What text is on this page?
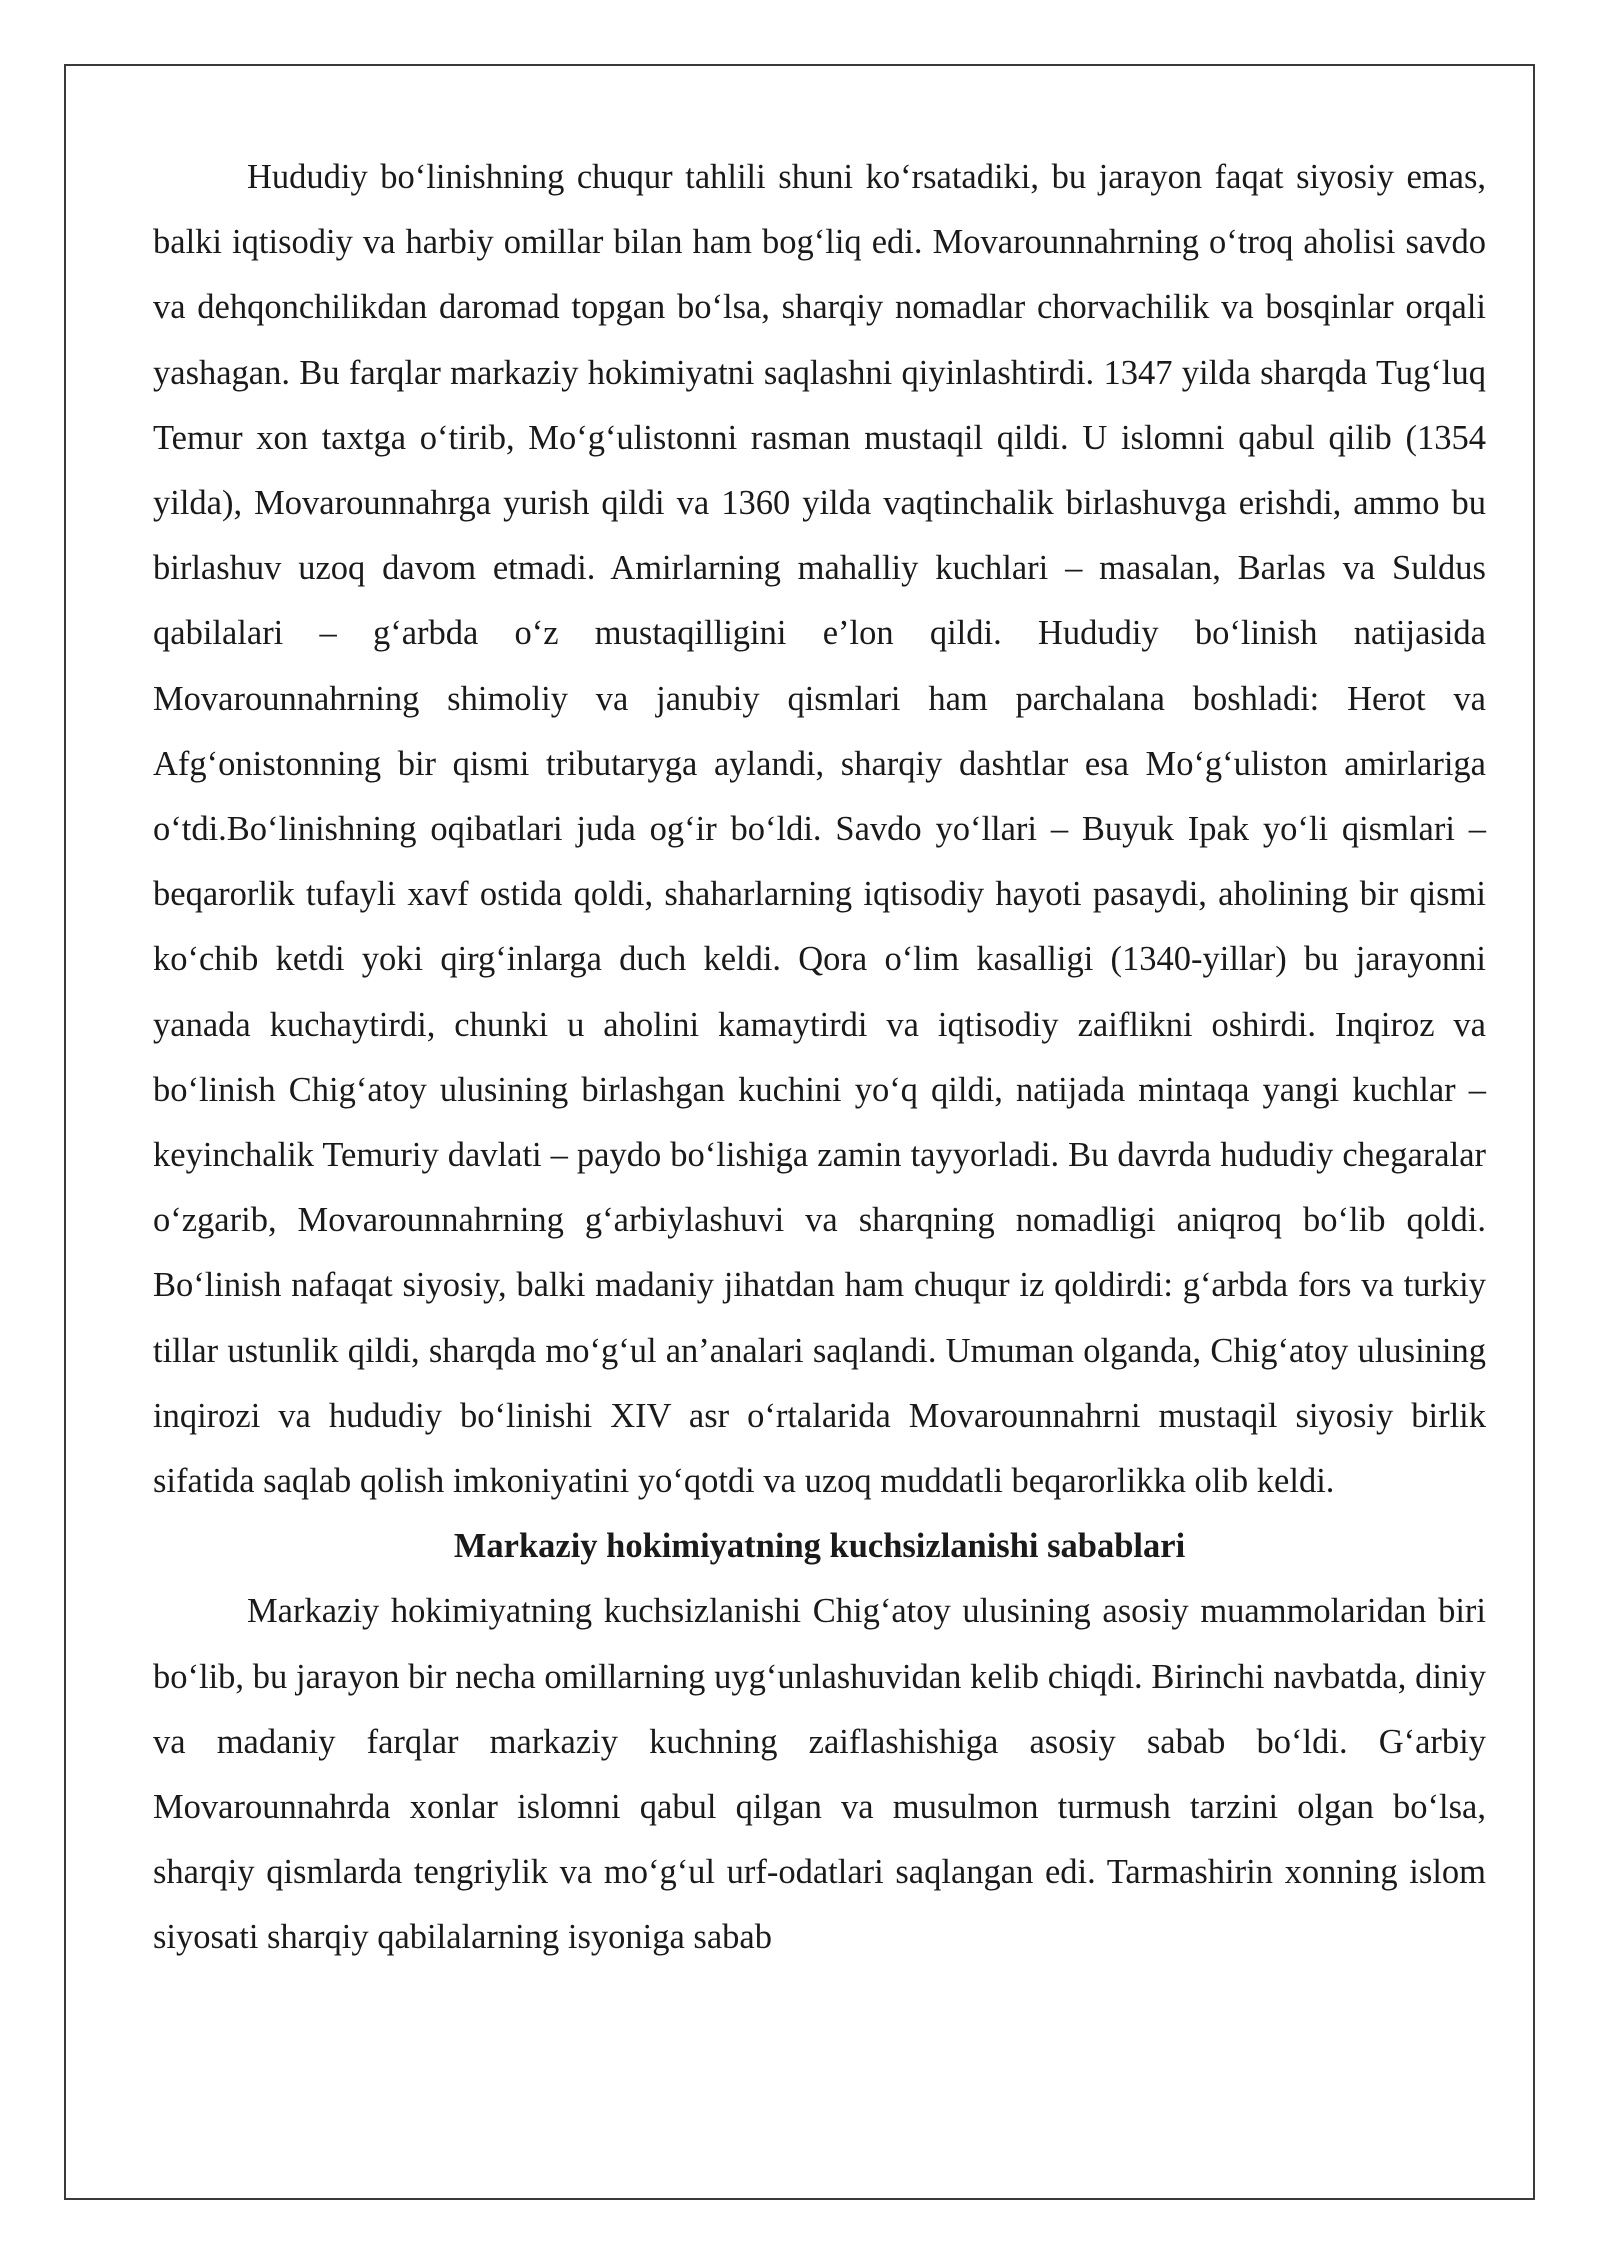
Hududiy bo‘linishning chuqur tahlili shuni ko‘rsatadiki, bu jarayon faqat siyosiy emas, balki iqtisodiy va harbiy omillar bilan ham bog‘liq edi. Movarounnahrning o‘troq aholisi savdo va dehqonchilikdan daromad topgan bo‘lsa, sharqiy nomadlar chorvachilik va bosqinlar orqali yashagan. Bu farqlar markaziy hokimiyatni saqlashni qiyinlashtirdi. 1347 yilda sharqda Tug‘luq Temur xon taxtga o‘tirib, Mo‘g‘ulistonni rasman mustaqil qildi. U islomni qabul qilib (1354 yilda), Movarounnahrga yurish qildi va 1360 yilda vaqtinchalik birlashuvga erishdi, ammo bu birlashuv uzoq davom etmadi. Amirlarning mahalliy kuchlari – masalan, Barlas va Suldus qabilalari – g‘arbda o‘z mustaqilligini e’lon qildi. Hududiy bo‘linish natijasida Movarounnahrning shimoliy va janubiy qismlari ham parchalana boshladi: Herot va Afg‘onistonning bir qismi tributaryga aylandi, sharqiy dashtlar esa Mo‘g‘uliston amirlariga o‘tdi.Bo‘linishning oqibatlari juda og‘ir bo‘ldi. Savdo yo‘llari – Buyuk Ipak yo‘li qismlari – beqarorlik tufayli xavf ostida qoldi, shaharlarning iqtisodiy hayoti pasaydi, aholining bir qismi ko‘chib ketdi yoki qirg‘inlarga duch keldi. Qora o‘lim kasalligi (1340-yillar) bu jarayonni yanada kuchaytirdi, chunki u aholini kamaytirdi va iqtisodiy zaiflikni oshirdi. Inqiroz va bo‘linish Chig‘atoy ulusining birlashgan kuchini yo‘q qildi, natijada mintaqa yangi kuchlar – keyinchalik Temuriy davlati – paydo bo‘lishiga zamin tayyorladi. Bu davrda hududiy chegaralar o‘zgarib, Movarounnahrning g‘arbiylashuvi va sharqning nomadligi aniqroq bo‘lib qoldi. Bo‘linish nafaqat siyosiy, balki madaniy jihatdan ham chuqur iz qoldirdi: g‘arbda fors va turkiy tillar ustunlik qildi, sharqda mo‘g‘ul an’analari saqlandi. Umuman olganda, Chig‘atoy ulusining inqirozi va hududiy bo‘linishi XIV asr o‘rtalarida Movarounnahrni mustaqil siyosiy birlik sifatida saqlab qolish imkoniyatini yo‘qotdi va uzoq muddatli beqarorlikka olib keldi.

Markaziy hokimiyatning kuchsizlanishi sabablari

Markaziy hokimiyatning kuchsizlanishi Chig‘atoy ulusining asosiy muammolaridan biri bo‘lib, bu jarayon bir necha omillarning uyg‘unlashuvidan kelib chiqdi. Birinchi navbatda, diniy va madaniy farqlar markaziy kuchning zaiflashishiga asosiy sabab bo‘ldi. G‘arbiy Movarounnahrda xonlar islomni qabul qilgan va musulmon turmush tarzini olgan bo‘lsa, sharqiy qismlarda tengriylik va mo‘g‘ul urf-odatlari saqlangan edi. Tarmashirin xonning islom siyosati sharqiy qabilalarning isyoniga sabab
